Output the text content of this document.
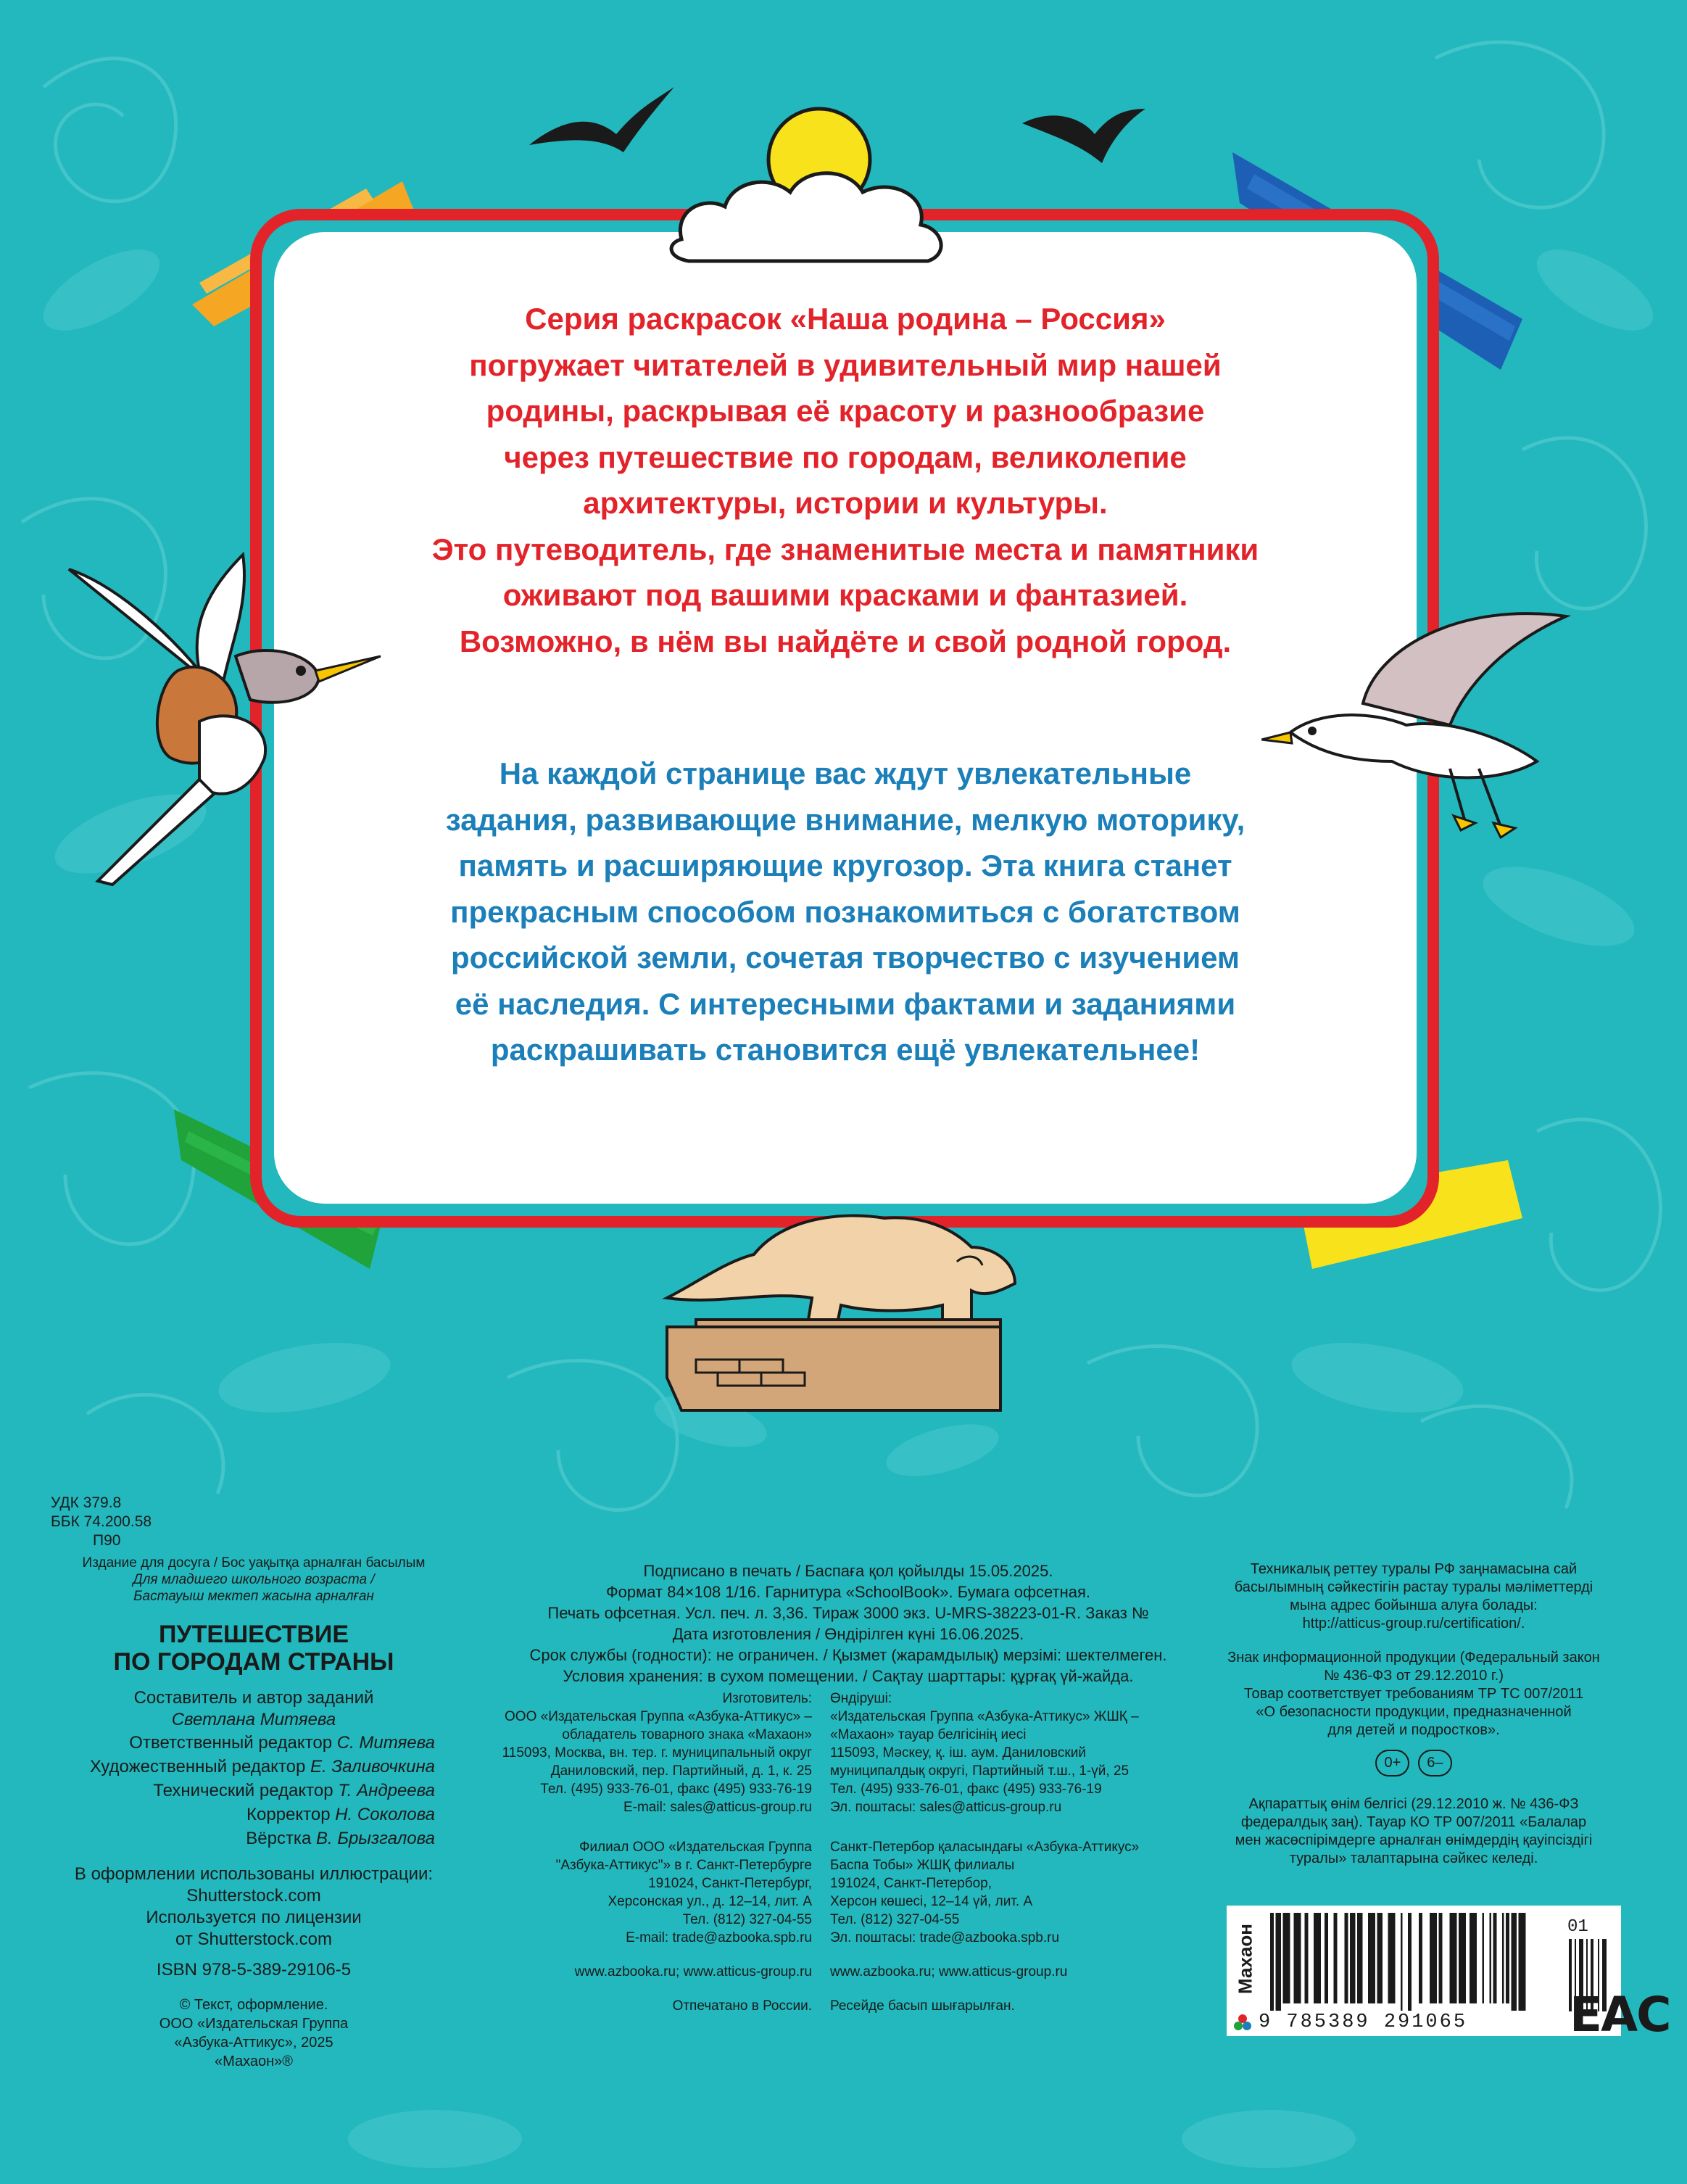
Серия раскрасок «Наша родина – Россия»
погружает читателей в удивительный мир нашей
родины, раскрывая её красоту и разнообразие
через путешествие по городам, великолепие
архитектуры, истории и культуры.
Это путеводитель, где знаменитые места и памятники
оживают под вашими красками и фантазией.
Возможно, в нём вы найдёте и свой родной город.
На каждой странице вас ждут увлекательные
задания, развивающие внимание, мелкую моторику,
память и расширяющие кругозор. Эта книга станет
прекрасным способом познакомиться с богатством
российской земли, сочетая творчество с изучением
её наследия. С интересными фактами и заданиями
раскрашивать становится ещё увлекательнее!
УДК 379.8
ББК 74.200.58
П90
Издание для досуга / Бос уақытқа арналған басылым
Для младшего школьного возраста /
Бастауыш мектеп жасына арналған
ПУТЕШЕСТВИЕ
ПО ГОРОДАМ СТРАНЫ
Составитель и автор заданий
Светлана Митяева
Ответственный редактор С. Митяева
Художественный редактор Е. Заливочкина
Технический редактор Т. Андреева
Корректор Н. Соколова
Вёрстка В. Брызгалова
В оформлении использованы иллюстрации:
Shutterstock.com
Используется по лицензии
от Shutterstock.com
ISBN 978-5-389-29106-5
© Текст, оформление.
ООО «Издательская Группа
«Азбука-Аттикус», 2025
«Махаон»®
Подписано в печать / Баспаға қол қойылды 15.05.2025.
Формат 84×108 1/16. Гарнитура «SchoolBook». Бумага офсетная.
Печать офсетная. Усл. печ. л. 3,36. Тираж 3000 экз. U-MRS-38223-01-R. Заказ №
Дата изготовления / Өндірілген күні 16.06.2025.
Срок службы (годности): не ограничен. / Қызмет (жарамдылық) мерзімі: шектелмеген.
Условия хранения: в сухом помещении. / Сақтау шарттары: құрғақ үй-жайда.
Изготовитель:
ООО «Издательская Группа «Азбука-Аттикус» –
обладатель товарного знака «Махаон»
115093, Москва, вн. тер. г. муниципальный округ
Даниловский, пер. Партийный, д. 1, к. 25
Тел. (495) 933-76-01, факс (495) 933-76-19
E-mail: sales@atticus-group.ru
Филиал ООО «Издательская Группа
"Азбука-Аттикус"» в г. Санкт-Петербурге
191024, Санкт-Петербург,
Херсонская ул., д. 12–14, лит. А
Тел. (812) 327-04-55
E-mail: trade@azbooka.spb.ru
www.azbooka.ru; www.atticus-group.ru
Отпечатано в России.
Өндіруші:
«Издательская Группа «Азбука-Аттикус» ЖШҚ –
«Махаон» тауар белгісінің иесі
115093, Мәскеу, қ. іш. аум. Даниловский
муниципалдық округі, Партийный т.ш., 1-үй, 25
Тел. (495) 933-76-01, факс (495) 933-76-19
Эл. поштасы: sales@atticus-group.ru
Санкт-Петербор қаласындағы «Азбука-Аттикус»
Баспа Тобы» ЖШҚ филиалы
191024, Санкт-Петербор,
Херсон көшесі, 12–14 үй, лит. А
Тел. (812) 327-04-55
Эл. поштасы: trade@azbooka.spb.ru
www.azbooka.ru; www.atticus-group.ru
Ресейде басып шығарылған.
Техникалық реттеу туралы РФ заңнамасына сай
басылымның сәйкестігін растау туралы мәліметтерді
мына адрес бойынша алуға болады:
http://atticus-group.ru/certification/.
Знак информационной продукции (Федеральный закон
№ 436-ФЗ от 29.12.2010 г.)
Товар соответствует требованиям ТР ТС 007/2011
«О безопасности продукции, предназначенной
для детей и подростков».
0+ 6–
Ақпараттық өнім белгісі (29.12.2010 ж. № 436-ФЗ
федералдық заң). Тауар КО ТР 007/2011 «Балалар
мен жасөспірімдерге арналған өнімдердің қауіпсіздігі
туралы» талаптарына сәйкес келеді.
Махаон
9 785389 291065
01
EAC
